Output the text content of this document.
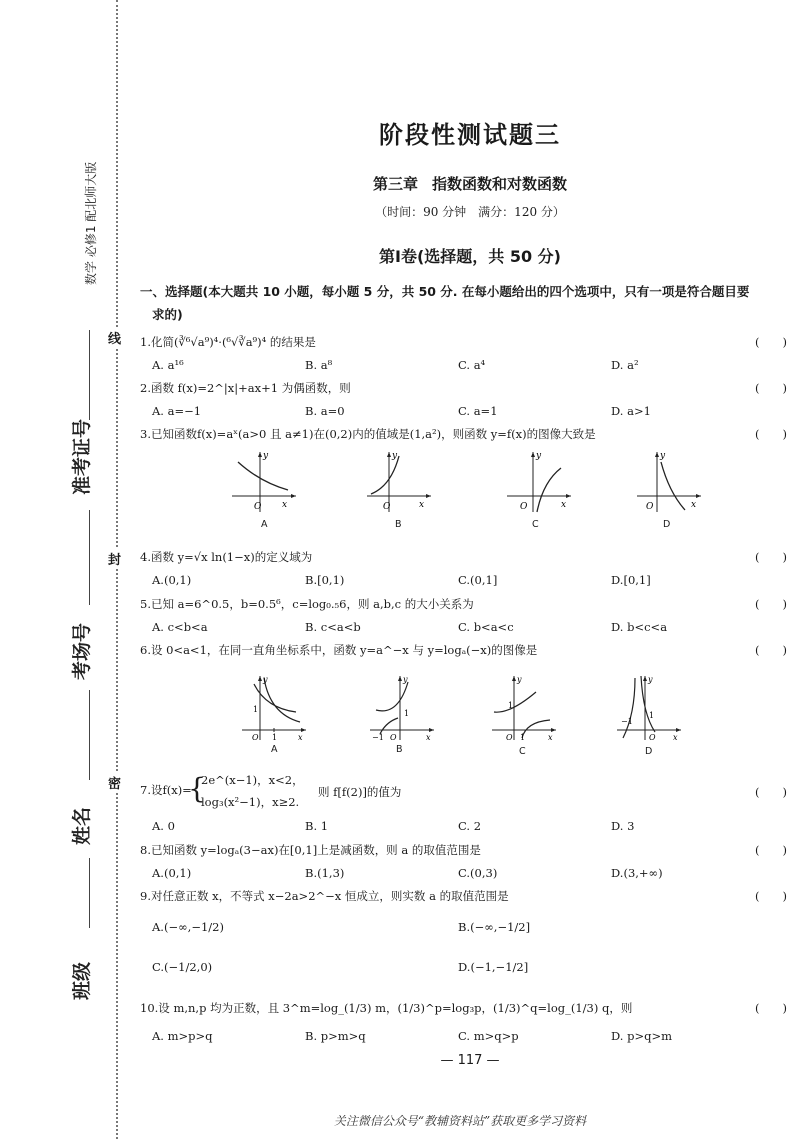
数学 必修1 配北师大版
准考证号
考场号
姓名
班级
线
封
密
阶段性测试题三
第三章 指数函数和对数函数
（时间：90 分钟　满分：120 分）
第Ⅰ卷(选择题，共 50 分)
一、选择题(本大题共 10 小题，每小题 5 分，共 50 分. 在每小题给出的四个选项中，只有一项是符合题目要
求的)
1.化简(∛⁶√a⁹)⁴·(⁶√∛a⁹)⁴ 的结果是	(　　)
A. a¹⁶	B. a⁸	C. a⁴	D. a²
2.函数 f(x)=2^|x|+ax+1 为偶函数，则	(　　)
A. a=−1	B. a=0	C. a=1	D. a>1
3.已知函数f(x)=aˣ(a>0 且 a≠1)在(0,2)内的值域是(1,a²)，则函数 y=f(x)的图像大致是	(　　)
O x
y
O	x
y
O	x
y
O	x
y
A	B	C	D
4.函数 y=√x ln(1−x)的定义域为	(　　)
A.(0,1)	B.[0,1)	C.(0,1]	D.[0,1]
5.已知 a=6^0.5，b=0.5⁶，c=log₀.₅6，则 a,b,c 的大小关系为	(　　)
A. c<b<a	B. c<a<b	C. b<a<c	D. b<c<a
6.设 0<a<1，在同一直角坐标系中，函数 y=a^−x 与 y=logₐ(−x)的图像是	(　　)
O 1	x
y
1
−1 O	x
y
1
O 1	x
y
1
−1
O x
y
1
A	B	C	D
7.设f(x)=
{
2e^(x−1)，x<2，
log₃(x²−1)，x≥2.
则 f[f(2)]的值为	(　　)
A. 0	B. 1	C. 2	D. 3
8.已知函数 y=logₐ(3−ax)在[0,1]上是减函数，则 a 的取值范围是	(　　)
A.(0,1)	B.(1,3)	C.(0,3)	D.(3,+∞)
9.对任意正数 x，不等式 x−2a>2^−x 恒成立，则实数 a 的取值范围是	(　　)
A.(−∞,−1/2)	B.(−∞,−1/2]
C.(−1/2,0)	D.(−1,−1/2]
10.设 m,n,p 均为正数，且 3^m=log_(1/3) m，(1/3)^p=log₃p，(1/3)^q=log_(1/3) q，则	(　　)
A. m>p>q	B. p>m>q	C. m>q>p	D. p>q>m
— 117 —
关注微信公众号“教辅资料站”获取更多学习资料
